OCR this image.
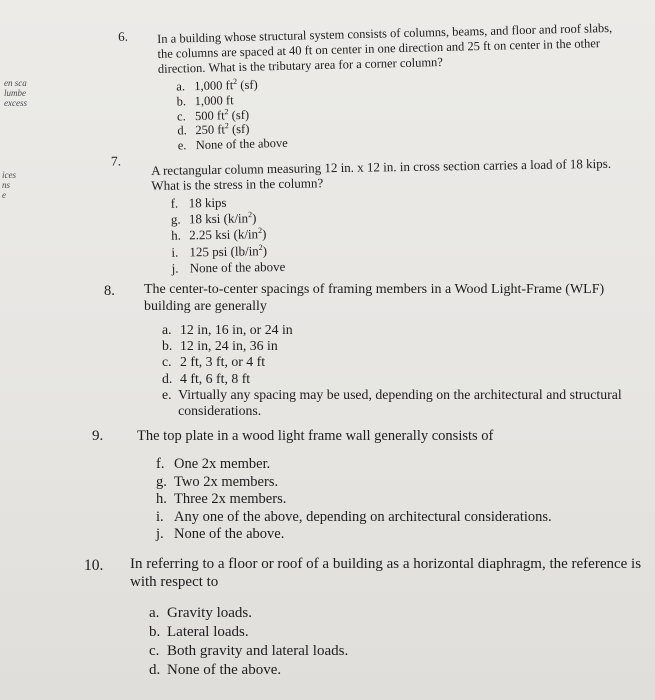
en sca
lumbe
excess
ices
ns
e
6. In a building whose structural system consists of columns, beams, and floor and roof slabs, the columns are spaced at 40 ft on center in one direction and 25 ft on center in the other direction. What is the tributary area for a corner column?
a. 1,000 $ft^2$ (sf)
b. 1,000 ft
c. 500 $ft^2$ (sf)
d. 250 $ft^2$ (sf)
e. None of the above
7. A rectangular column measuring 12 in. x 12 in. in cross section carries a load of 18 kips. What is the stress in the column?
f. 18 kips
g. 18 ksi $(k/in^2)$
h. 2.25 ksi $(k/in^2)$
i. 125 psi $(lb/in^2)$
j. None of the above
8. The center-to-center spacings of framing members in a Wood Light-Frame (WLF) building are generally
a. 12 in, 16 in, or 24 in
b. 12 in, 24 in, 36 in
c. 2 ft, 3 ft, or 4 ft
d. 4 ft, 6 ft, 8 ft
e. Virtually any spacing may be used, depending on the architectural and structural considerations.
9. The top plate in a wood light frame wall generally consists of
f. One 2x member.
g. Two 2x members.
h. Three 2x members.
i. Any one of the above, depending on architectural considerations.
j. None of the above.
10. In referring to a floor or roof of a building as a horizontal diaphragm, the reference is with respect to
a. Gravity loads.
b. Lateral loads.
c. Both gravity and lateral loads.
d. None of the above.
